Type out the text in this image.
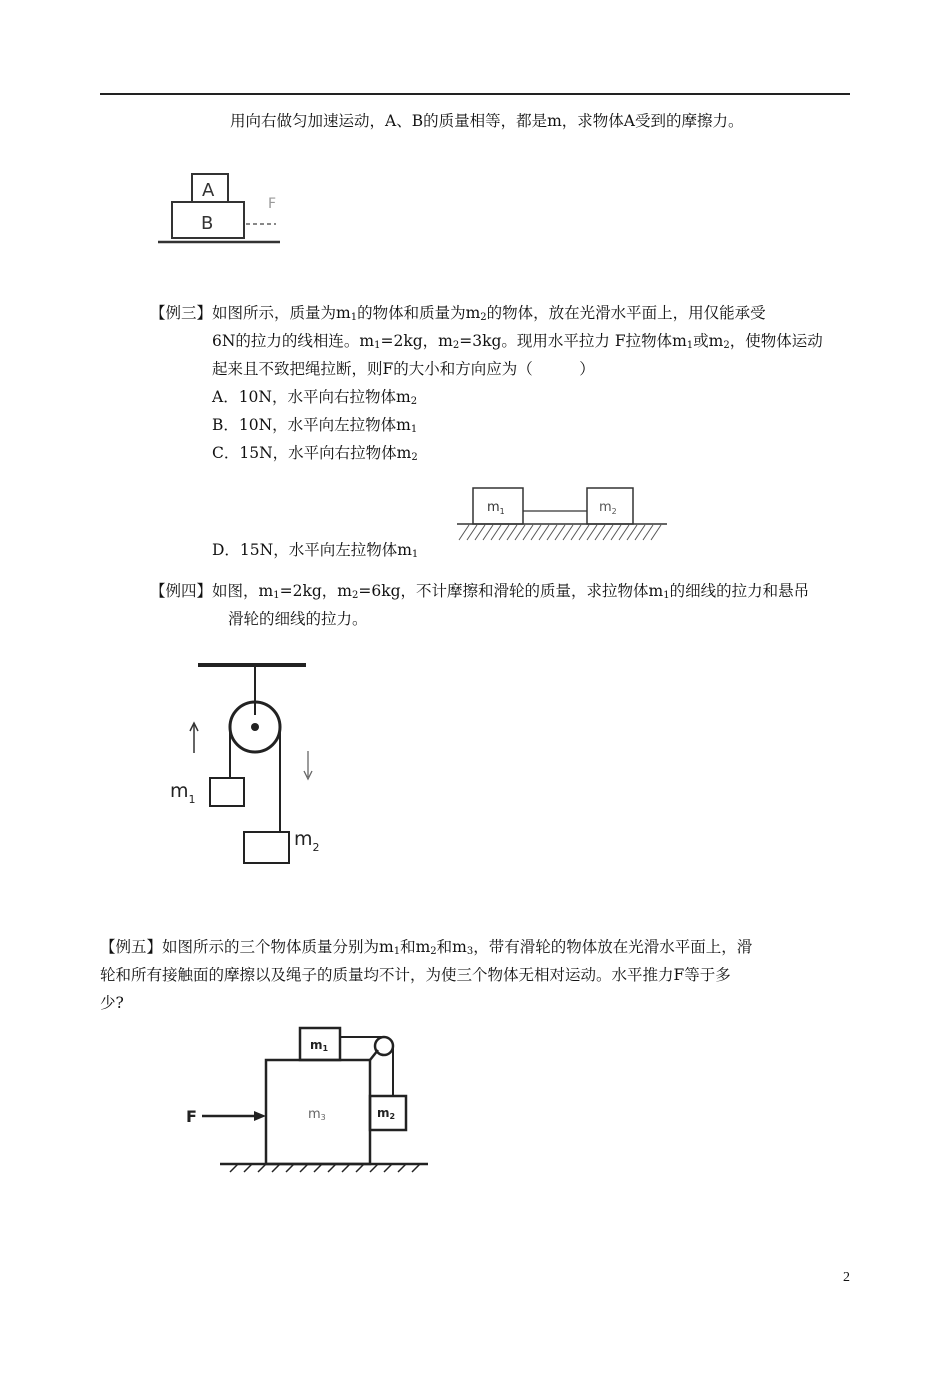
用向右做匀加速运动，A、B的质量相等，都是m，求物体A受到的摩擦力。
A
B
F
【例三】如图所示，质量为$m_1$的物体和质量为$m_2$的物体，放在光滑水平面上，用仅能承受
6N的拉力的线相连。$m_1=2kg$，$m_2=3kg$。现用水平拉力 F拉物体$m_1$或$m_2$，使物体运动
起来且不致把绳拉断，则F的大小和方向应为（　　　）
A．10N，水平向右拉物体$m_2$
B．10N，水平向左拉物体$m_1$
C．15N，水平向右拉物体$m_2$
D．15N，水平向左拉物体$m_1$
$m_1$	$m_2$
【例四】如图，$m_1=2kg$，$m_2=6kg$，不计摩擦和滑轮的质量，求拉物体$m_1$的细线的拉力和悬吊
滑轮的细线的拉力。
$m_1$
$m_2$
【例五】如图所示的三个物体质量分别为$m_1$和$m_2$和$m_3$，带有滑轮的物体放在光滑水平面上，滑
轮和所有接触面的摩擦以及绳子的质量均不计，为使三个物体无相对运动。水平推力F等于多
少?
F
m1
m2
m3
2
